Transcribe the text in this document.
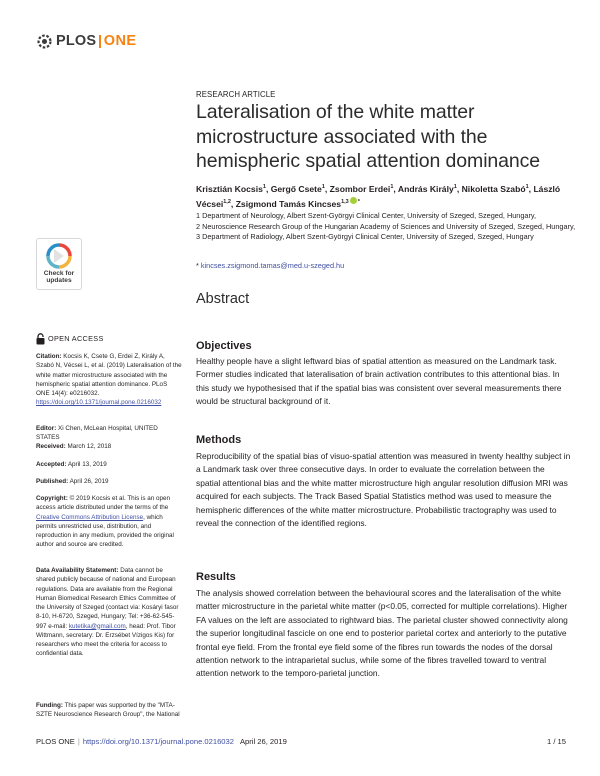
PLOS ONE
RESEARCH ARTICLE
Lateralisation of the white matter microstructure associated with the hemispheric spatial attention dominance
Krisztián Kocsis$^1$, Gergő Csete$^1$, Zsombor Erdei$^1$, András Király$^1$, Nikoletta Szabó$^1$, László Vécsei$^{1,2}$, Zsigmond Tamás Kincses$^{1,3 *}$

1 Department of Neurology, Albert Szent-Györgyi Clinical Center, University of Szeged, Szeged, Hungary,

2 Neuroscience Research Group of the Hungarian Academy of Sciences and University of Szeged, Szeged, Hungary, 3 Department of Radiology, Albert Szent-Györgyi Clinical Center, University of Szeged, Szeged, Hungary

* kincses.zsigmond.tamas@med.u-szeged.hu
Check for
updates
OPEN ACCESS

Citation: Kocsis K, Csete G, Erdei Z, Király A, Szabó N, Vécsei L, et al. (2019) Lateralisation of the white matter microstructure associated with the hemispheric spatial attention dominance. PLoS ONE 14(4): e0216032. https://doi.org/10.1371/journal.pone.0216032

Editor: Xi Chen, McLean Hospital, UNITED STATES

Received: March 12, 2018

Accepted: April 13, 2019

Published: April 26, 2019

Copyright: © 2019 Kocsis et al. This is an open access article distributed under the terms of the Creative Commons Attribution License, which permits unrestricted use, distribution, and reproduction in any medium, provided the original author and source are credited.

Data Availability Statement: Data cannot be shared publicly because of national and European regulations. Data are available from the Regional Human Biomedical Research Ethics Committee of the University of Szeged (contact via: Kosáryi fasor 8-10, H-6720, Szeged, Hungary; Tel: +36-62-545-997 e-mail: kutetika@gmail.com, head: Prof. Tibor Wittmann, secretary: Dr. Erzsébet Vízigos Kis) for researchers who meet the criteria for access to confidential data.

Funding: This paper was supported by the "MTA-SZTE Neuroscience Research Group", the National

Abstract
Objectives

Healthy people have a slight leftward bias of spatial attention as measured on the Landmark task. Former studies indicated that lateralisation of brain activation contributes to this attentional bias. In this study we hypothesised that if the spatial bias was consistent over several measurements there would be structural background of it.

Methods

Reproducibility of the spatial bias of visuo-spatial attention was measured in twenty healthy subject in a Landmark task over three consecutive days. In order to evaluate the correlation between the spatial attentional bias and the white matter microstructure high angular resolution diffusion MRI was acquired for each subjects. The Track Based Spatial Statistics method was used to measure the hemispheric differences of the white matter microstructure. Probabilistic tractography was used to reveal the connection of the identified regions.

Results

The analysis showed correlation between the behavioural scores and the lateralisation of the white matter microstructure in the parietal white matter (p<0.05, corrected for multiple correlations). Higher FA values on the left are associated to rightward bias. The parietal cluster showed connectivity along the superior longitudinal fascicle on one end to posterior parietal cortex and anteriorly to the putative frontal eye field. From the frontal eye field some of the fibres run towards the nodes of the dorsal attention network to the intraparietal suclus, while some of the fibres travelled toward to ventral attention network to the temporo-parietal junction.

PLOS ONE | https://doi.org/10.1371/journal.pone.0216032 April 26, 2019	1 / 15
